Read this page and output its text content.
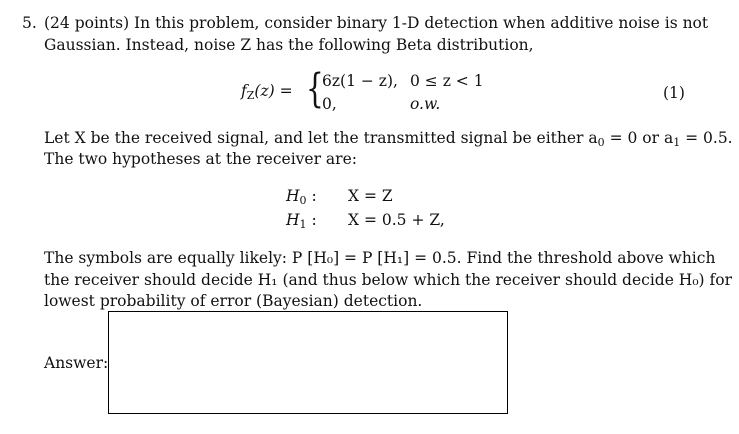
5. (24 points) In this problem, consider binary 1-D detection when additive noise is not
Gaussian. Instead, noise Z has the following Beta distribution,
$f_Z(z)$ = {
6z(1 − z), 0 ≤ z < 1
0,	o.w.
(1)
Let X be the received signal, and let the transmitted signal be either $a_0 = 0$ or $a_1 = 0.5$.
The two hypotheses at the receiver are:
$H_0$ : X = Z
$H_1$ : X = 0.5 + Z,
The symbols are equally likely: P [H₀] = P [H₁] = 0.5. Find the threshold above which
the receiver should decide H₁ (and thus below which the receiver should decide H₀) for
lowest probability of error (Bayesian) detection.
Answer:
